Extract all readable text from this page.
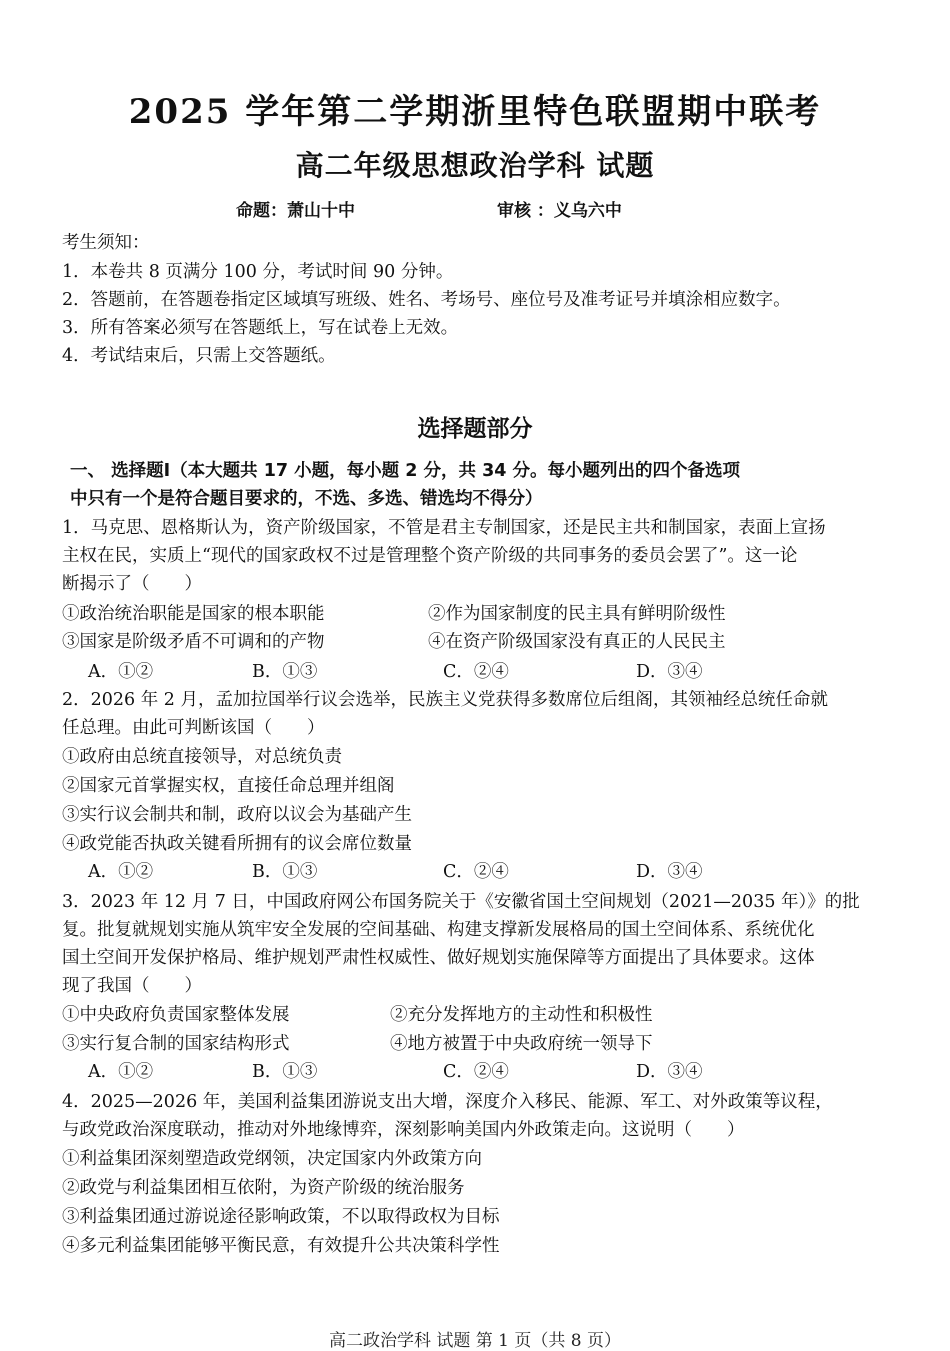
2025 学年第二学期浙里特色联盟期中联考
高二年级思想政治学科 试题
命题：萧山十中	审核 ：义乌六中
考生须知：
1．本卷共 8 页满分 100 分，考试时间 90 分钟。
2．答题前，在答题卷指定区域填写班级、姓名、考场号、座位号及准考证号并填涂相应数字。
3．所有答案必须写在答题纸上，写在试卷上无效。
4．考试结束后，只需上交答题纸。
选择题部分
一、 选择题Ⅰ（本大题共 17 小题，每小题 2 分，共 34 分。每小题列出的四个备选项
中只有一个是符合题目要求的，不选、多选、错选均不得分）
1．马克思、恩格斯认为，资产阶级国家，不管是君主专制国家，还是民主共和制国家，表面上宣扬
主权在民，实质上“现代的国家政权不过是管理整个资产阶级的共同事务的委员会罢了”。这一论
断揭示了（　　）
①政治统治职能是国家的根本职能	②作为国家制度的民主具有鲜明阶级性
③国家是阶级矛盾不可调和的产物	④在资产阶级国家没有真正的人民民主
A．①②	B．①③	C．②④	D．③④
2．2026 年 2 月，孟加拉国举行议会选举，民族主义党获得多数席位后组阁，其领袖经总统任命就
任总理。由此可判断该国（　　）
①政府由总统直接领导，对总统负责
②国家元首掌握实权，直接任命总理并组阁
③实行议会制共和制，政府以议会为基础产生
④政党能否执政关键看所拥有的议会席位数量
A．①②	B．①③	C．②④	D．③④
3．2023 年 12 月 7 日，中国政府网公布国务院关于《安徽省国土空间规划（2021—2035 年）》的批
复。批复就规划实施从筑牢安全发展的空间基础、构建支撑新发展格局的国土空间体系、系统优化
国土空间开发保护格局、维护规划严肃性权威性、做好规划实施保障等方面提出了具体要求。这体
现了我国（　　）
①中央政府负责国家整体发展	②充分发挥地方的主动性和积极性
③实行复合制的国家结构形式	④地方被置于中央政府统一领导下
A．①②	B．①③	C．②④	D．③④
4．2025—2026 年，美国利益集团游说支出大增，深度介入移民、能源、军工、对外政策等议程，
与政党政治深度联动，推动对外地缘博弈，深刻影响美国内外政策走向。这说明（　　）
①利益集团深刻塑造政党纲领，决定国家内外政策方向
②政党与利益集团相互依附，为资产阶级的统治服务
③利益集团通过游说途径影响政策，不以取得政权为目标
④多元利益集团能够平衡民意，有效提升公共决策科学性
高二政治学科 试题 第 1 页（共 8 页）
